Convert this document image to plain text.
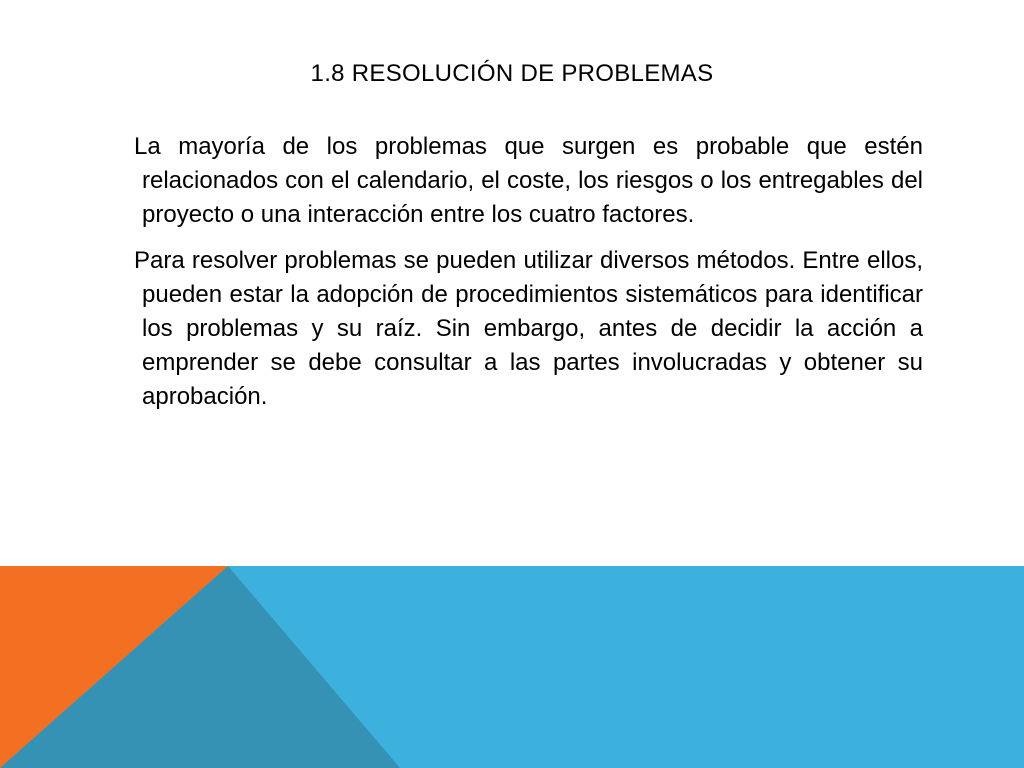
1.8 RESOLUCIÓN DE PROBLEMAS

La mayoría de los problemas que surgen es probable que estén relacionados con el calendario, el coste, los riesgos o los entregables del proyecto o una interacción entre los cuatro factores.

Para resolver problemas se pueden utilizar diversos métodos. Entre ellos, pueden estar la adopción de procedimientos sistemáticos para identificar los problemas y su raíz. Sin embargo, antes de decidir la acción a emprender se debe consultar a las partes involucradas y obtener su aprobación.
